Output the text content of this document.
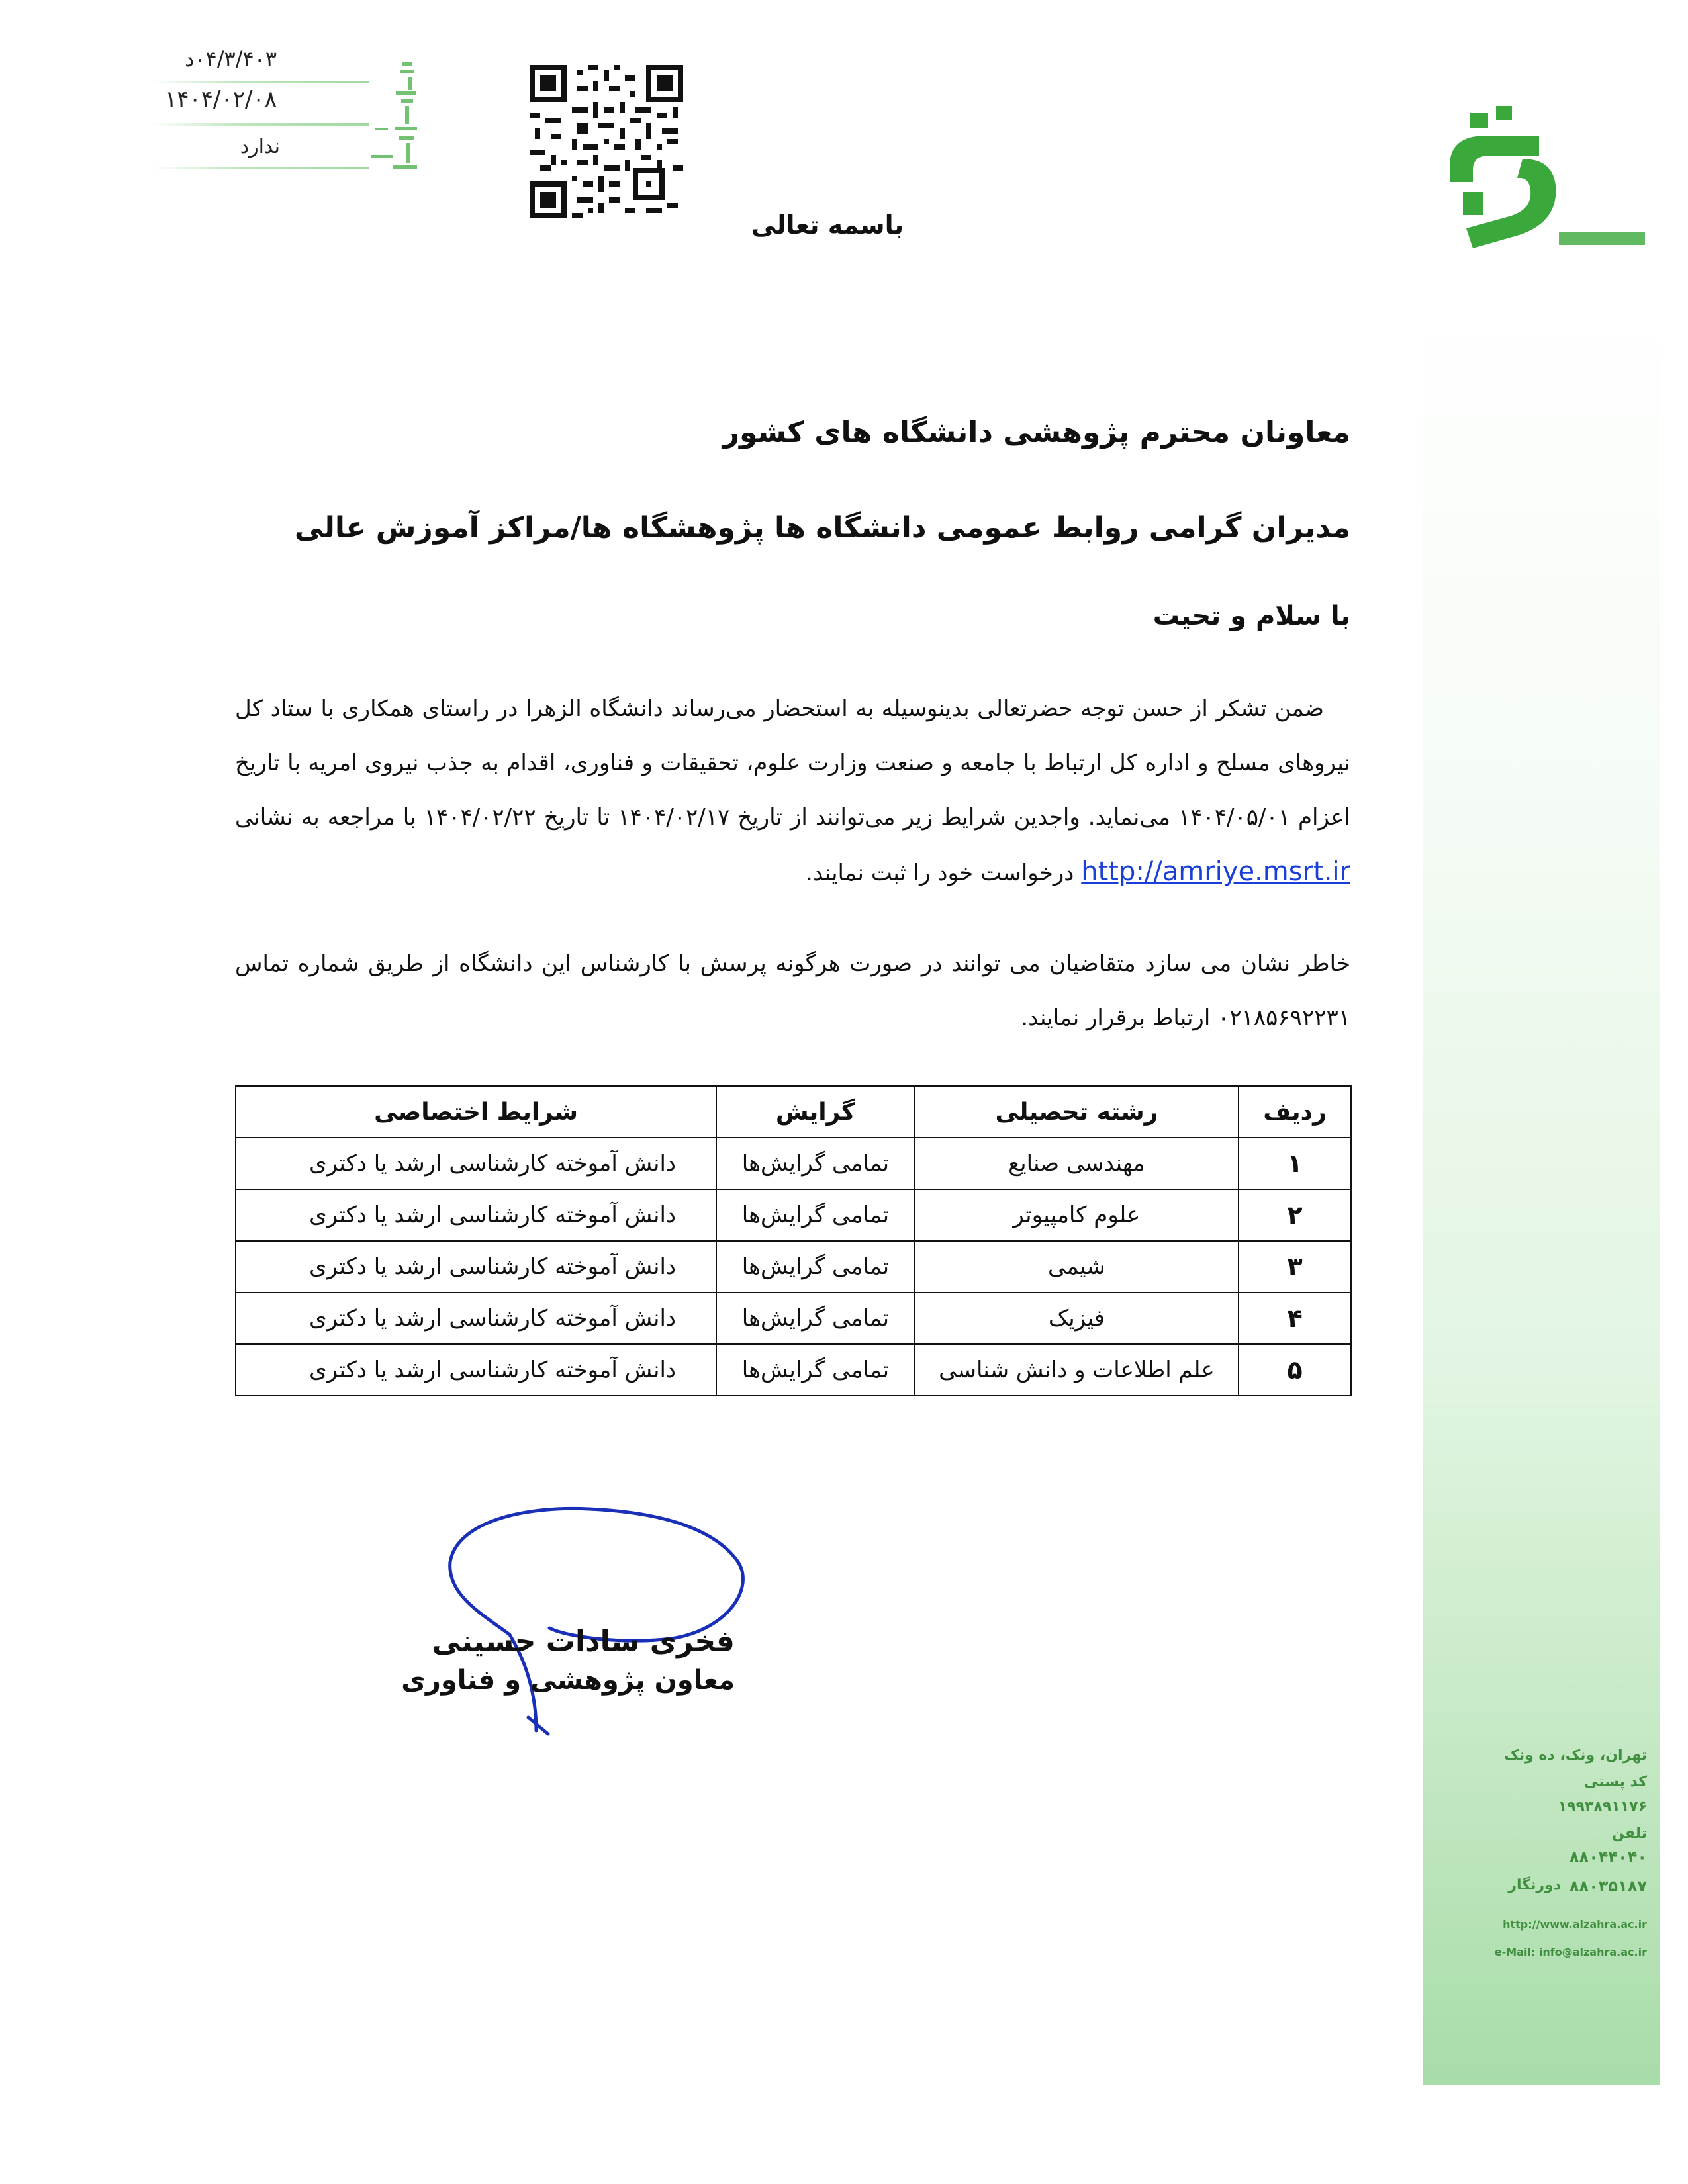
۰۴/۳/۴۰۳د
۱۴۰۴/۰۲/۰۸
ندارد
تهران، ونک، ده ونک
کد پستی
۱۹۹۳۸۹۱۱۷۶
تلفن
۸۸۰۴۴۰۴۰
دورنگار ۸۸۰۳۵۱۸۷
http://www.alzahra.ac.ir
e-Mail: info@alzahra.ac.ir
باسمه تعالی
معاونان محترم پژوهشی دانشگاه های کشور
مدیران گرامی روابط عمومی دانشگاه ها پژوهشگاه ها/مراکز آموزش عالی
با سلام و تحیت
ضمن تشکر از حسن توجه حضرتعالی بدینوسیله به استحضار می‌رساند دانشگاه الزهرا در راستای همکاری با ستاد کل نیروهای مسلح و اداره کل ارتباط با جامعه و صنعت وزارت علوم، تحقیقات و فناوری، اقدام به جذب نیروی امریه با تاریخ اعزام ۱۴۰۴/۰۵/۰۱ می‌نماید. واجدین شرایط زیر می‌توانند از تاریخ ۱۴۰۴/۰۲/۱۷ تا تاریخ ۱۴۰۴/۰۲/۲۲ با مراجعه به نشانی http://amriye.msrt.ir درخواست خود را ثبت نمایند.
خاطر نشان می سازد متقاضیان می توانند در صورت هرگونه پرسش با کارشناس این دانشگاه از طریق شماره تماس ۰۲۱۸۵۶۹۲۲۳۱ ارتباط برقرار نمایند.
ردیف	رشته تحصیلی	گرایش	شرایط اختصاصی
۱	مهندسی صنایع	تمامی گرایش‌ها	دانش آموخته کارشناسی ارشد یا دکتری
۲	علوم کامپیوتر	تمامی گرایش‌ها	دانش آموخته کارشناسی ارشد یا دکتری
۳	شیمی	تمامی گرایش‌ها	دانش آموخته کارشناسی ارشد یا دکتری
۴	فیزیک	تمامی گرایش‌ها	دانش آموخته کارشناسی ارشد یا دکتری
۵	علم اطلاعات و دانش شناسی	تمامی گرایش‌ها	دانش آموخته کارشناسی ارشد یا دکتری
فخری سادات حسینی
معاون پژوهشی و فناوری
